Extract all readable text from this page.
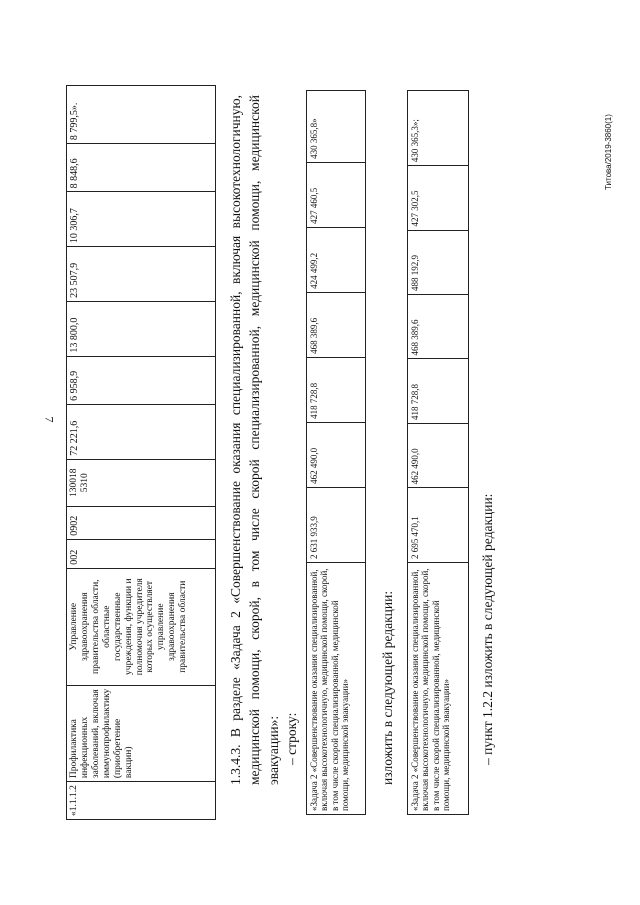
7
Титова/2019-3860(1)
«1.1.1.2	Профилактика инфекционных заболеваний, включая иммунопрофилактику (приобретение вакцин)	Управление здравоохранения правительства области, областные государственные учреждения, функции и полномочия учредителя которых осуществляет управление здравоохранения правительства области	002	0902	130018 5310	72 221,6	6 958,9	13 800,0	23 507,9	10 306,7	8 848,6	8 799,5».	1.3.4.3. В разделе «Задача 2 «Совершенствование оказания специализированной, включая высокотехнологичную, медицинской помощи, скорой, в том числе скорой специализированной, медицинской помощи, медицинской эвакуации»: – строку: «Задача 2 «Совершенствование оказания специализированной, включая высокотехнологичную, медицинской помощи, скорой, в том числе скорой специализированной, медицинской помощи, медицинской эвакуации»	2 631 933,9	462 490,0	418 728,8	468 389,6	424 499,2	427 460,5	430 365,8»
изложить в следующей редакции: «Задача 2 «Совершенствование оказания специализированной, включая высокотехнологичную, медицинской помощи, скорой, в том числе скорой специализированной, медицинской помощи, медицинской эвакуации»	2 695 470,1	462 490,0	418 728,8	468 389,6	488 192,9	427 302,5	430 365,3»;
– пункт 1.2.2 изложить в следующей редакции:
